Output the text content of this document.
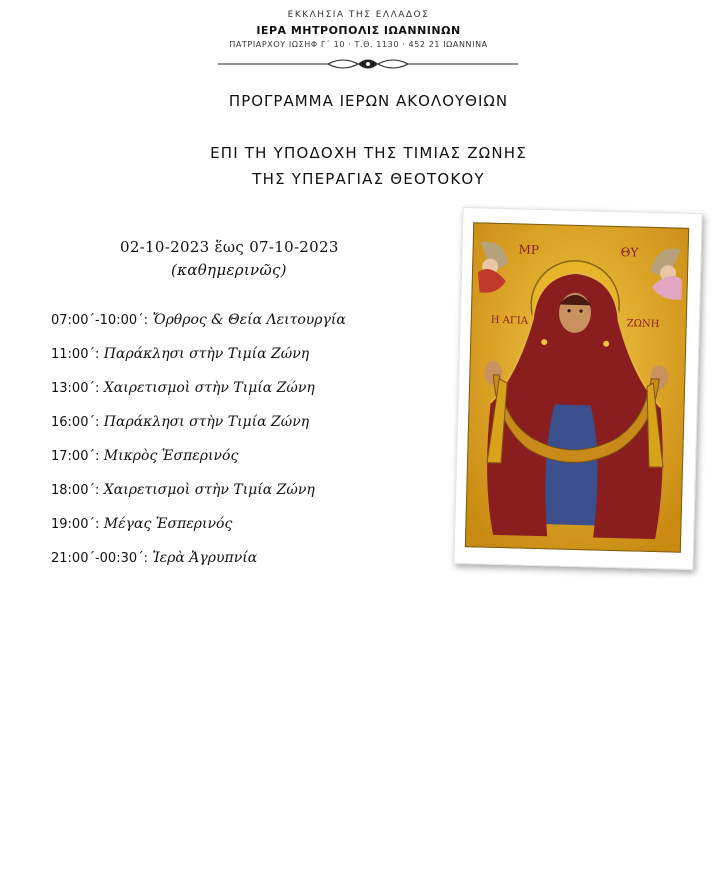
ΕΚΚΛΗΣΙΑ ΤΗΣ ΕΛΛΑΔΟΣ
ΙΕΡΑ ΜΗΤΡΟΠΟΛΙΣ ΙΩΑΝΝΙΝΩΝ
ΠΑΤΡΙΑΡΧΟΥ ΙΩΣΗΦ Γ΄ 10 · Τ.Θ. 1130 · 452 21 ΙΩΑΝΝΙΝΑ
ΠΡΟΓΡΑΜΜΑ ΙΕΡΩΝ ΑΚΟΛΟΥΘΙΩΝ
ΕΠΙ ΤΗ ΥΠΟΔΟΧΗ ΤΗΣ ΤΙΜΙΑΣ ΖΩΝΗΣ
ΤΗΣ ΥΠΕΡΑΓΙΑΣ ΘΕΟΤΟΚΟΥ
02-10-2023 ἕως 07-10-2023
(καθημερινῶς)
07:00΄-10:00΄: Ὄρθρος & Θεία Λειτουργία
11:00΄: Παράκλησι στὴν Τιμία Ζώνη
13:00΄: Χαιρετισμοὶ στὴν Τιμία Ζώνη
16:00΄: Παράκλησι στὴν Τιμία Ζώνη
17:00΄: Μικρὸς Ἑσπερινός
18:00΄: Χαιρετισμοὶ στὴν Τιμία Ζώνη
19:00΄: Μέγας Ἑσπερινός
21:00΄-00:30΄: Ἱερὰ Ἀγρυπνία
ΜΡ	ΘΥ
Η ΑΓΙΑ	ΖΩΝΗ
